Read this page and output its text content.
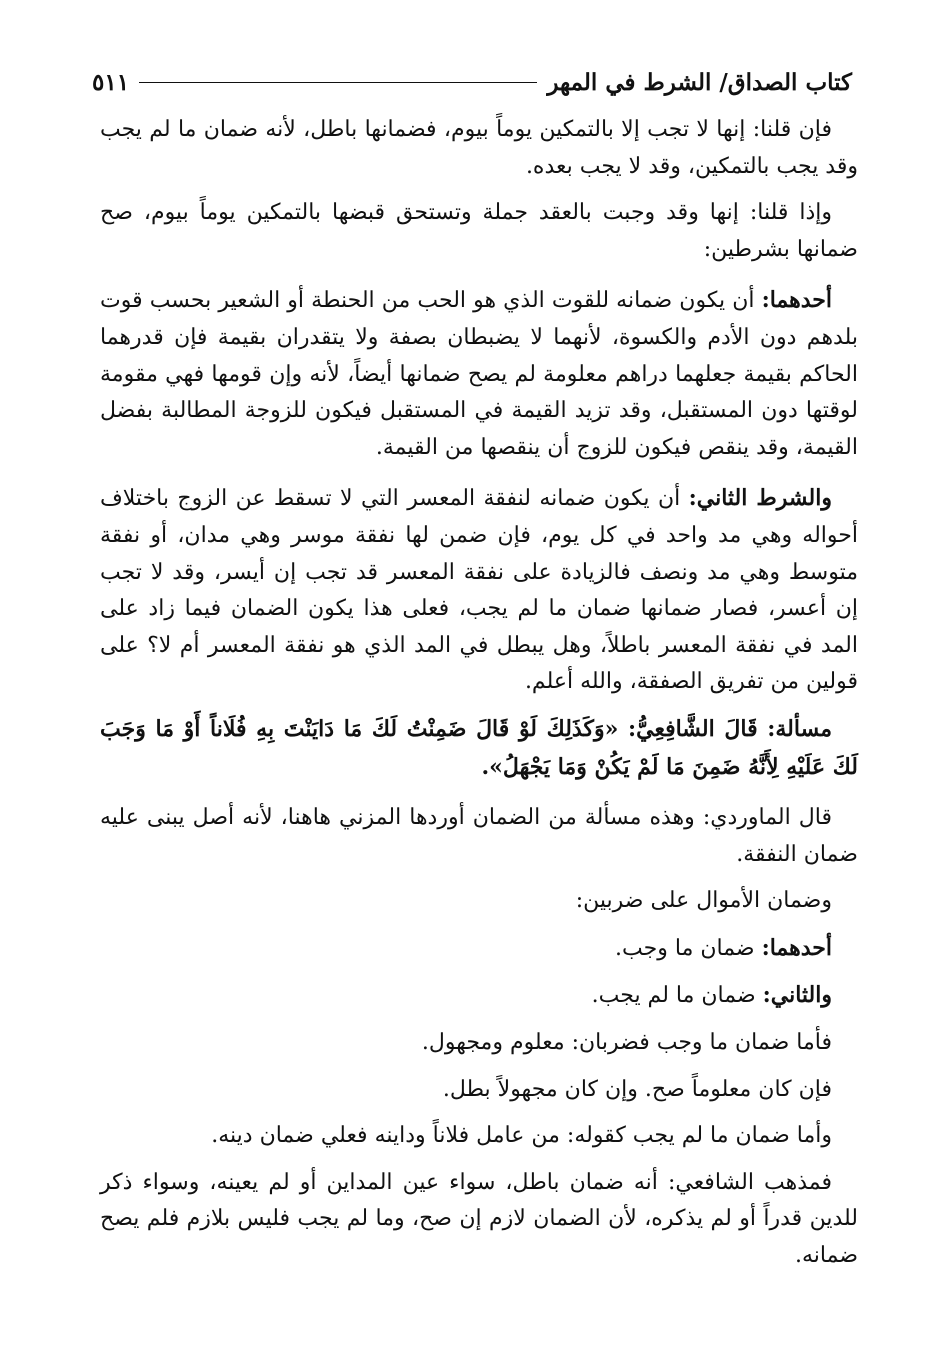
كتاب الصداق/ الشرط في المهر
٥١١

فإن قلنا: إنها لا تجب إلا بالتمكين يوماً بيوم، فضمانها باطل، لأنه ضمان ما لم يجب وقد يجب بالتمكين، وقد لا يجب بعده.

وإذا قلنا: إنها وقد وجبت بالعقد جملة وتستحق قبضها بالتمكين يوماً بيوم، صح ضمانها بشرطين:

أحدهما: أن يكون ضمانه للقوت الذي هو الحب من الحنطة أو الشعير بحسب قوت بلدهم دون الأدم والكسوة، لأنهما لا يضبطان بصفة ولا يتقدران بقيمة فإن قدرهما الحاكم بقيمة جعلهما دراهم معلومة لم يصح ضمانها أيضاً، لأنه وإن قومها فهي مقومة لوقتها دون المستقبل، وقد تزيد القيمة في المستقبل فيكون للزوجة المطالبة بفضل القيمة، وقد ينقص فيكون للزوج أن ينقصها من القيمة.

والشرط الثاني: أن يكون ضمانه لنفقة المعسر التي لا تسقط عن الزوج باختلاف أحواله وهي مد واحد في كل يوم، فإن ضمن لها نفقة موسر وهي مدان، أو نفقة متوسط وهي مد ونصف فالزيادة على نفقة المعسر قد تجب إن أيسر، وقد لا تجب إن أعسر، فصار ضمانها ضمان ما لم يجب، فعلى هذا يكون الضمان فيما زاد على المد في نفقة المعسر باطلاً، وهل يبطل في المد الذي هو نفقة المعسر أم لا؟ على قولين من تفريق الصفقة، والله أعلم.

مسألة: قَالَ الشَّافِعِيُّ: «وَكَذَلِكَ لَوْ قَالَ ضَمِنْتُ لَكَ مَا دَايَنْتَ بِهِ فُلَاناً أَوْ مَا وَجَبَ لَكَ عَلَيْهِ لِأَنَّهُ ضَمِنَ مَا لَمْ يَكُنْ وَمَا يَجْهَلُ».

قال الماوردي: وهذه مسألة من الضمان أوردها المزني هاهنا، لأنه أصل يبنى عليه ضمان النفقة.

وضمان الأموال على ضربين:

أحدهما: ضمان ما وجب.

والثاني: ضمان ما لم يجب.

فأما ضمان ما وجب فضربان: معلوم ومجهول.

فإن كان معلوماً صح. وإن كان مجهولاً بطل.

وأما ضمان ما لم يجب كقوله: من عامل فلاناً وداينه فعلي ضمان دينه.

فمذهب الشافعي: أنه ضمان باطل، سواء عين المداين أو لم يعينه، وسواء ذكر للدين قدراً أو لم يذكره، لأن الضمان لازم إن صح، وما لم يجب فليس بلازم فلم يصح ضمانه.
